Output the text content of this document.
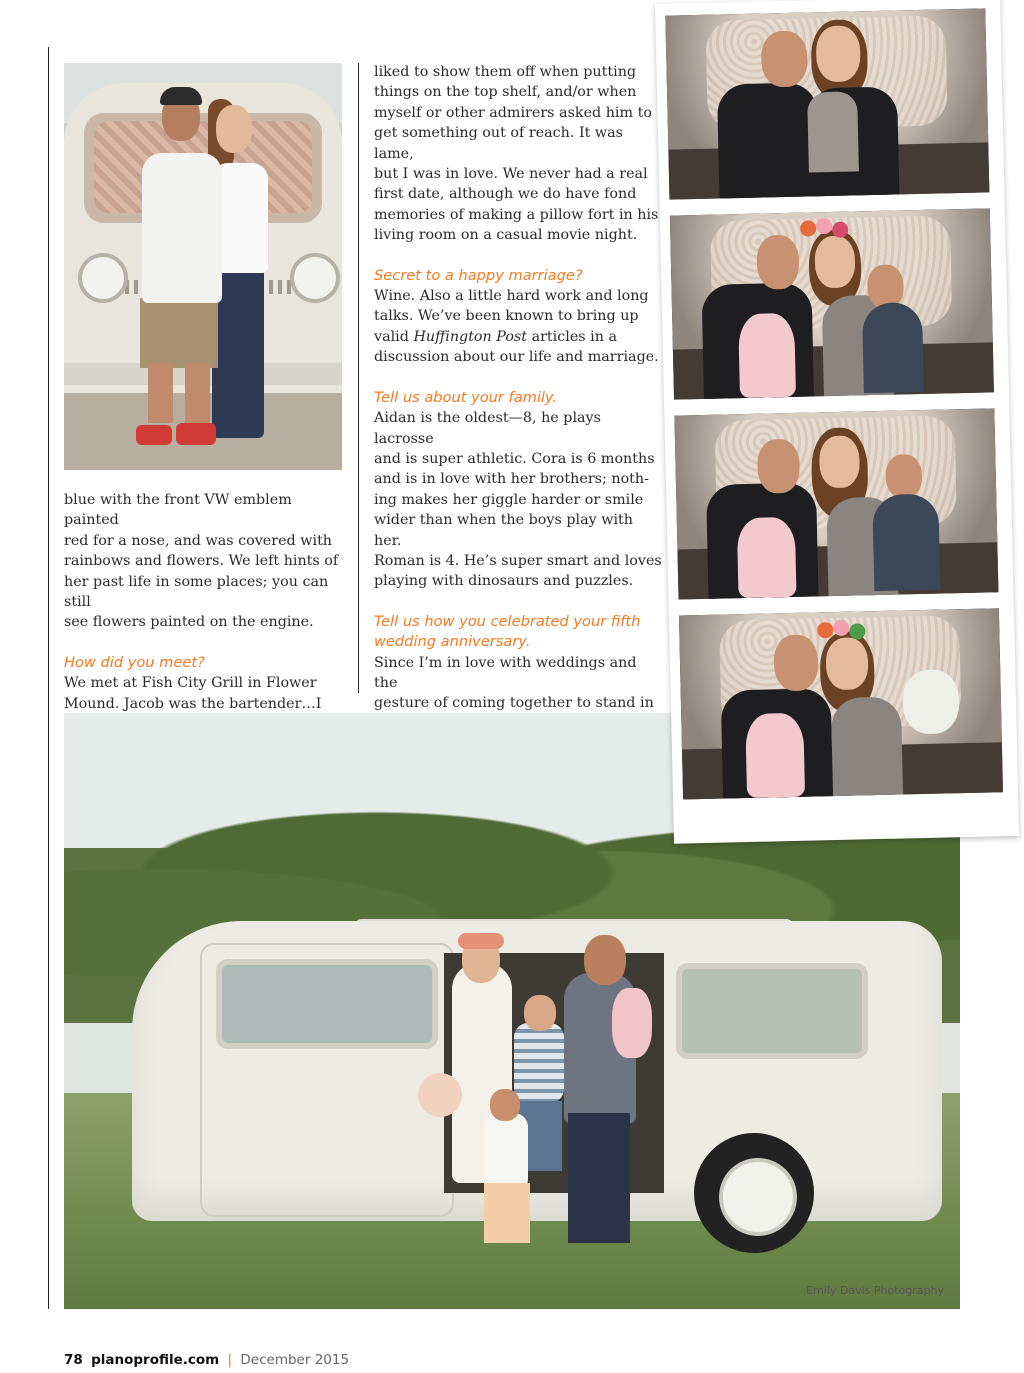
blue with the front VW emblem painted

red for a nose, and was covered with

rainbows and flowers. We left hints of

her past life in some places; you can still

see flowers painted on the engine.

How did you meet?

We met at Fish City Grill in Flower

Mound. Jacob was the bartender…I

liked to show them off when putting

things on the top shelf, and/or when

myself or other admirers asked him to

get something out of reach. It was lame,

but I was in love. We never had a real

first date, although we do have fond

memories of making a pillow fort in his

living room on a casual movie night.

Secret to a happy marriage?

Wine. Also a little hard work and long

talks. We’ve been known to bring up

valid Huffington Post articles in a

discussion about our life and marriage.

Tell us about your family.

Aidan is the oldest—8, he plays lacrosse

and is super athletic. Cora is 6 months

and is in love with her brothers; noth-

ing makes her giggle harder or smile

wider than when the boys play with her.

Roman is 4. He’s super smart and loves

playing with dinosaurs and puzzles.

Tell us how you celebrated your fifth

wedding anniversary.

Since I’m in love with weddings and the

gesture of coming together to stand in

Emily Davis Photography
78 planoprofile.com | December 2015
